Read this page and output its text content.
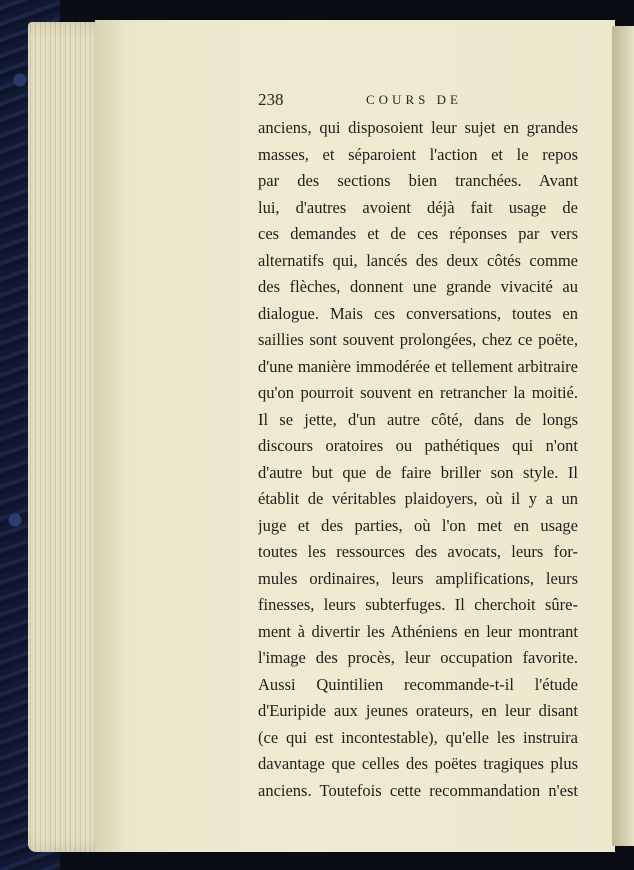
238	COURS DE
anciens, qui disposoient leur sujet en grandes
masses, et séparoient l'action et le repos
par des sections bien tranchées. Avant
lui, d'autres avoient déjà fait usage de
ces demandes et de ces réponses par vers
alternatifs qui, lancés des deux côtés comme
des flèches, donnent une grande vivacité au
dialogue. Mais ces conversations, toutes en
saillies sont souvent prolongées, chez ce poëte,
d'une manière immodérée et tellement arbitraire
qu'on pourroit souvent en retrancher la moitié.
Il se jette, d'un autre côté, dans de longs
discours oratoires ou pathétiques qui n'ont
d'autre but que de faire briller son style. Il
établit de véritables plaidoyers, où il y a un
juge et des parties, où l'on met en usage
toutes les ressources des avocats, leurs for-
mules ordinaires, leurs amplifications, leurs
finesses, leurs subterfuges. Il cherchoit sûre-
ment à divertir les Athéniens en leur montrant
l'image des procès, leur occupation favorite.
Aussi Quintilien recommande-t-il l'étude
d'Euripide aux jeunes orateurs, en leur disant
(ce qui est incontestable), qu'elle les instruira
davantage que celles des poëtes tragiques plus
anciens. Toutefois cette recommandation n'est
